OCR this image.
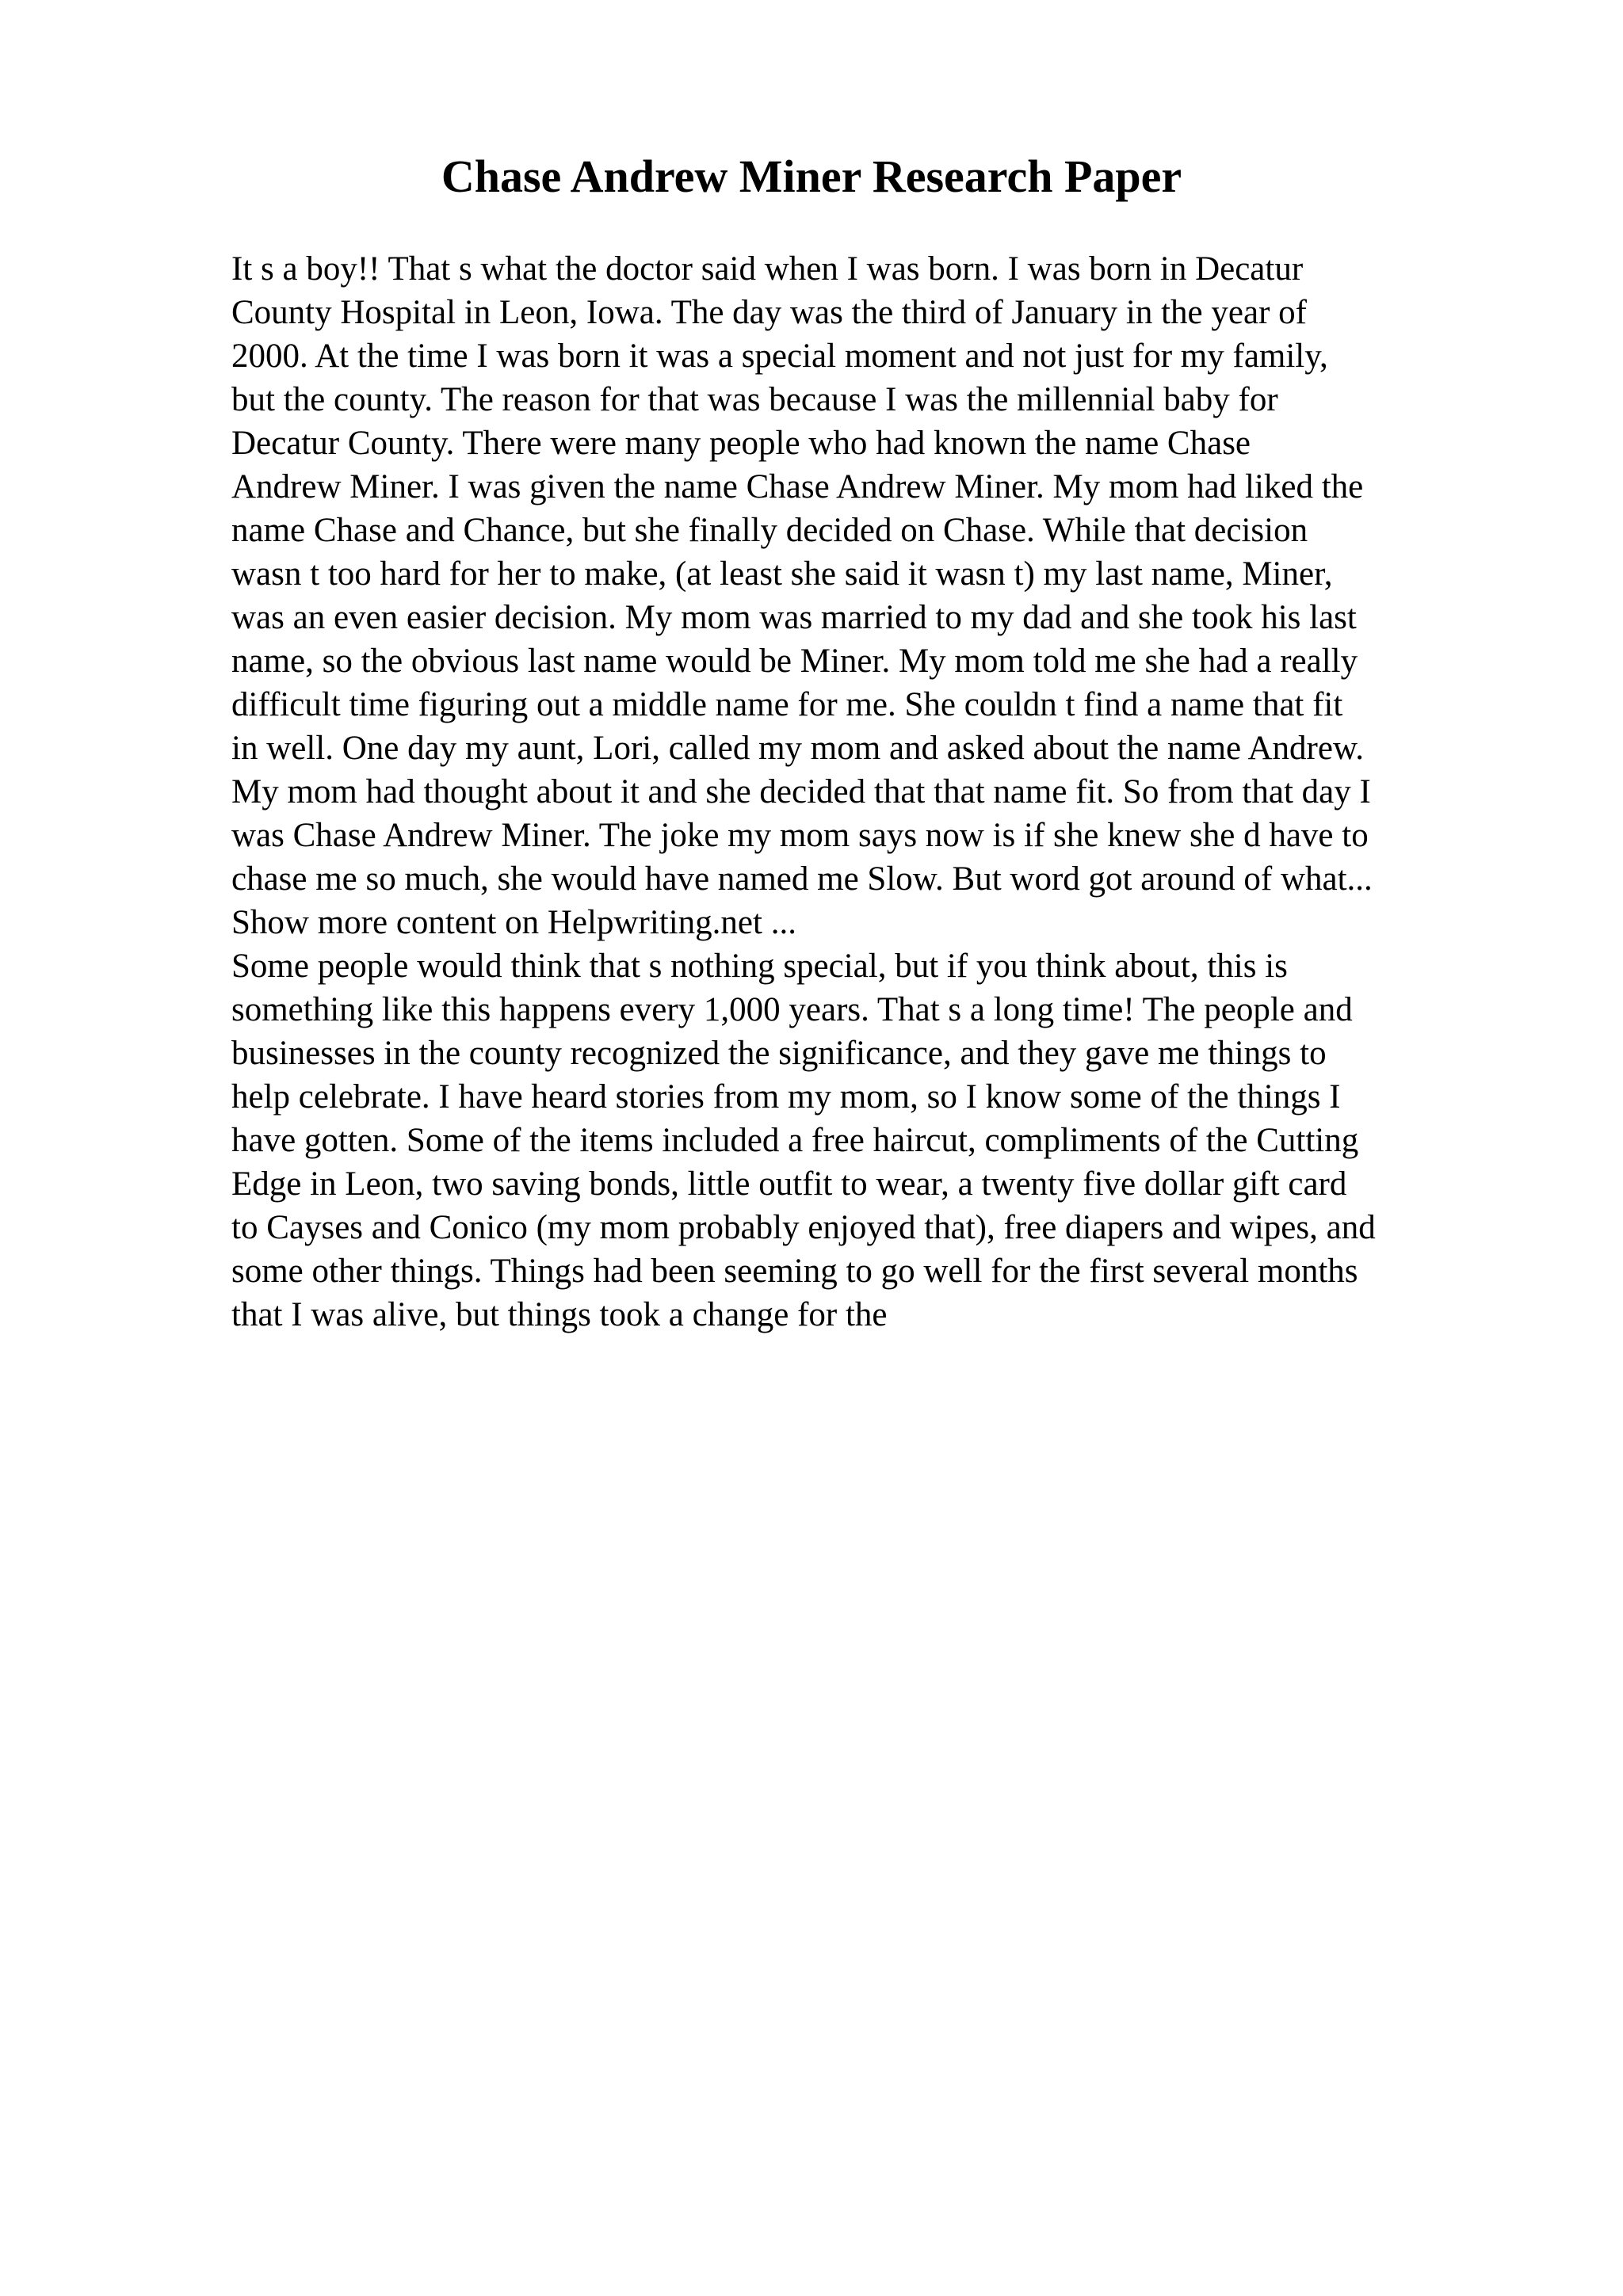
Chase Andrew Miner Research Paper
It s a boy!! That s what the doctor said when I was born. I was born in Decatur
County Hospital in Leon, Iowa. The day was the third of January in the year of
2000. At the time I was born it was a special moment and not just for my family,
but the county. The reason for that was because I was the millennial baby for
Decatur County. There were many people who had known the name Chase
Andrew Miner. I was given the name Chase Andrew Miner. My mom had liked the
name Chase and Chance, but she finally decided on Chase. While that decision
wasn t too hard for her to make, (at least she said it wasn t) my last name, Miner,
was an even easier decision. My mom was married to my dad and she took his last
name, so the obvious last name would be Miner. My mom told me she had a really
difficult time figuring out a middle name for me. She couldn t find a name that fit
in well. One day my aunt, Lori, called my mom and asked about the name Andrew.
My mom had thought about it and she decided that that name fit. So from that day I
was Chase Andrew Miner. The joke my mom says now is if she knew she d have to
chase me so much, she would have named me Slow. But word got around of what...
Show more content on Helpwriting.net ...
Some people would think that s nothing special, but if you think about, this is
something like this happens every 1,000 years. That s a long time! The people and
businesses in the county recognized the significance, and they gave me things to
help celebrate. I have heard stories from my mom, so I know some of the things I
have gotten. Some of the items included a free haircut, compliments of the Cutting
Edge in Leon, two saving bonds, little outfit to wear, a twenty five dollar gift card
to Cayses and Conico (my mom probably enjoyed that), free diapers and wipes, and
some other things. Things had been seeming to go well for the first several months
that I was alive, but things took a change for the
